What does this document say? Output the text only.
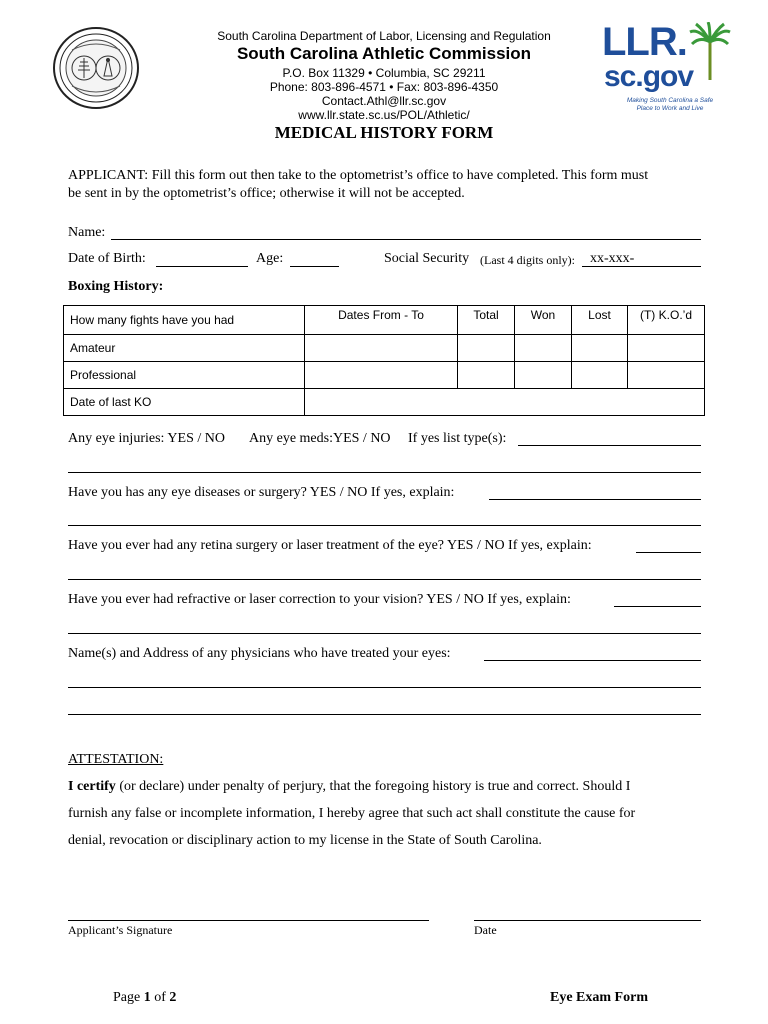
South Carolina Department of Labor, Licensing and Regulation
South Carolina Athletic Commission
P.O. Box 11329 • Columbia, SC 29211
Phone: 803-896-4571 • Fax: 803-896-4350
Contact.Athl@llr.sc.gov
www.llr.state.sc.us/POL/Athletic/
MEDICAL HISTORY FORM
LLR.
sc.gov
Making South Carolina a Safe
Place to Work and Live
APPLICANT: Fill this form out then take to the optometrist’s office to have completed. This form must
be sent in by the optometrist’s office; otherwise it will not be accepted.
Name:
Date of Birth:	Age:	Social Security (Last 4 digits only): xx-xxx-
Boxing History:
How many fights have you had	Dates From - To	Total	Won	Lost	(T) K.O.’d
Amateur					
Professional					
Date of last KO					
Any eye injuries: YES / NO Any eye meds:YES / NO If yes list type(s):
Have you has any eye diseases or surgery? YES / NO If yes, explain:
Have you ever had any retina surgery or laser treatment of the eye? YES / NO If yes, explain:
Have you ever had refractive or laser correction to your vision? YES / NO If yes, explain:
Name(s) and Address of any physicians who have treated your eyes:
ATTESTATION:
I certify (or declare) under penalty of perjury, that the foregoing history is true and correct. Should I
furnish any false or incomplete information, I hereby agree that such act shall constitute the cause for
denial, revocation or disciplinary action to my license in the State of South Carolina.
Applicant’s Signature	Date
Page 1 of 2	Eye Exam Form
